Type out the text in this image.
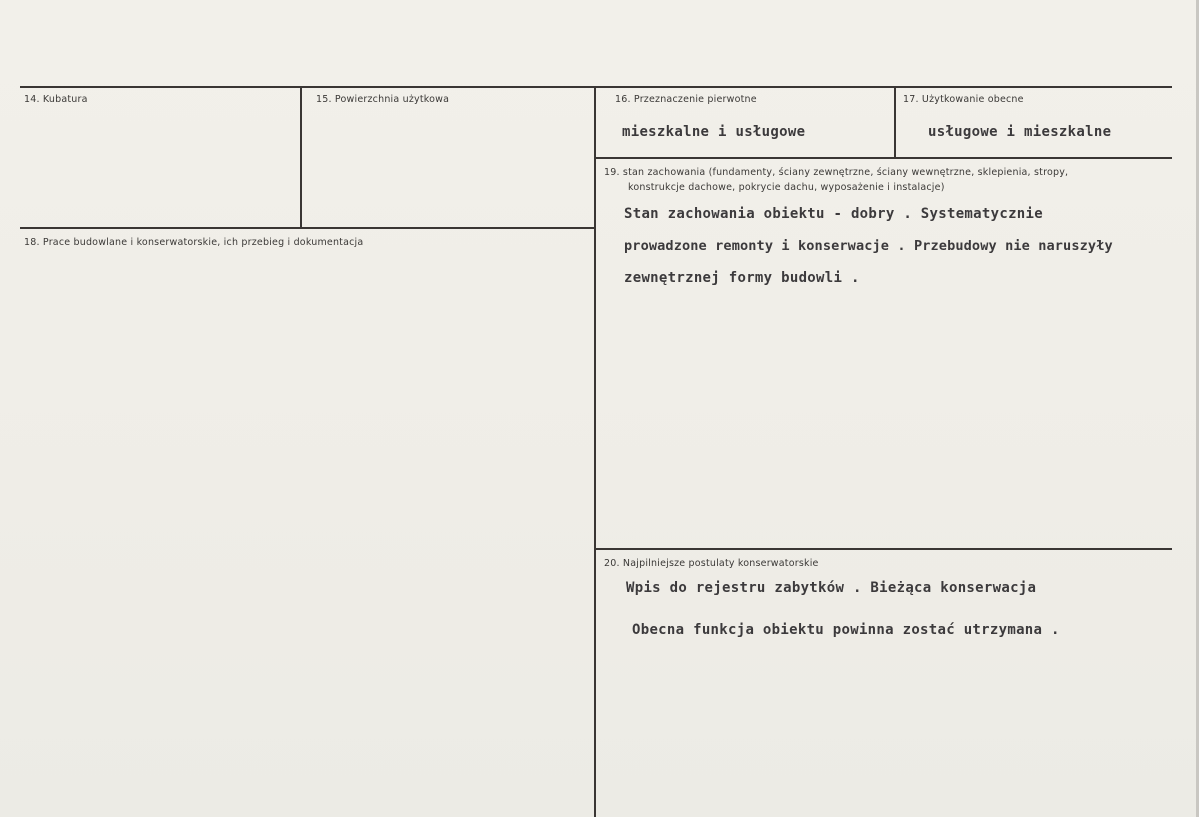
14. Kubatura	15. Powierzchnia użytkowa	16. Przeznaczenie pierwotne
mieszkalne i usługowe
17. Użytkowanie obecne
usługowe i mieszkalne
18. Prace budowlane i konserwatorskie, ich przebieg i dokumentacja
19. stan zachowania (fundamenty, ściany zewnętrzne, ściany wewnętrzne, sklepienia, stropy,
konstrukcje dachowe, pokrycie dachu, wyposażenie i instalacje)
Stan zachowania obiektu - dobry . Systematycznie
prowadzone remonty i konserwacje . Przebudowy nie naruszyły
zewnętrznej formy budowli .
20. Najpilniejsze postulaty konserwatorskie
Wpis do rejestru zabytków . Bieżąca konserwacja
Obecna funkcja obiektu powinna zostać utrzymana .
